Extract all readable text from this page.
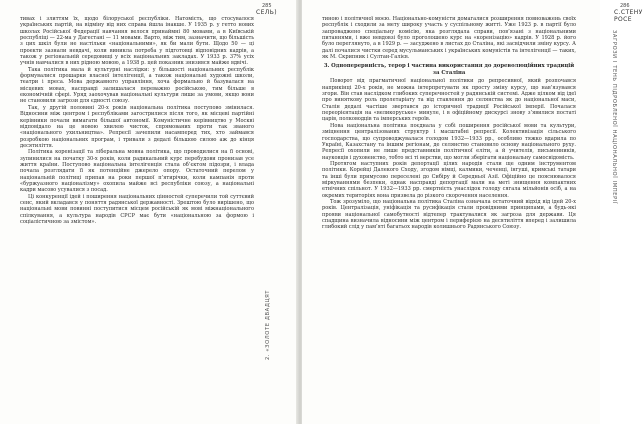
285
СЕЛЬ)
2. «ЗОЛОТЕ ДВАДЦЯТ

тивах і злиттям їх, щодо білоруської республіки. Натомість, що стосувалося українських партій, на відміну від них справа йшла інакше. У 1935 р. у гетто нових школах Російської Федерації навчання велося принаймні 80 мовами, а в Київській республіці — 22-ма у Дагестані — 11 мовами. Варто, між тим, зазначити, що більшість з цих шкіл були не настільки «національними», як би мали бути. Щодо 50 — ці проекти зазнали невдачі, коли виникла потреба у підготовці відповідних кадрів, а також у регіональній середовищі у всіх національних закладах. У 1933 р. 37% усіх учнів навчалися в них рідною мовою, а 1938 р. цей показник знизився майже вдвічі.

Така політика мала й культурні наслідки: у більшості національних республік формувалися прошарки власної інтелігенції, а також національні художні школи, театри і преса. Мова державного управління, хоча формально й базувалася на місцевих мовах, насправді залишалася переважно російською, тим більше в економічній сфері. Уряд заохочував національні культури лише за умови, якщо вони не становили загрози для єдності союзу.

Так, у другій половині 20-х років національна політика поступово змінилася. Відносини між центром і республіками загострилися після того, як місцеві партійні керівники почали вимагати більшої автономії. Комуністичне керівництво у Москві відповідало на це новою хвилею чисток, спрямованих проти так званого «національного ухильництва». Репресії зачепили насамперед тих, хто займався розробкою національних програм, і тривали з дедалі більшою силою аж до кінця десятиліття.

Політика коренізації та ліберальна мовна політика, що проводилися на її основі, зупинилися на початку 30-х років, коли радикальний курс перебудови пронизав усе життя країни. Поступово національна інтелігенція стала об’єктом підозри, і влада почала розглядати її як потенційне джерело опору. Остаточний перелом у національній політиці припав на роки першої п’ятирічки, коли кампанія проти «буржуазного націоналізму» охопила майже всі республіки союзу, а національні кадри масово усувалися з посад.

Ці конкуренції ідей і поширення національних цінностей суперечили той суттєвий сенс, який вкладався у поняття радянської державності. Зрештою було вирішено, що національні мови повинні поступитися місцем російській як мові міжнаціонального спілкування, а культура народів СРСР має бути «національною за формою і соціалістичною за змістом».

286
С.СТЕНУ РОСЕ
ЗАГРОЗИ І ТЕНЬ ПІДРОБЛЕНОЇ НАЦІОНАЛЬНОЇ ІМПЕРІЇ

тиною і політичної моєю. Національно-комуністи домагалися розширення повноважень своїх республік і сходили за мету широку участь у суспільному житті. Уже 1923 р. в партії було запроваджено спеціальну комісію, яка розглядала справи, пов’язані з національними питаннями, і вже невдовзі було проголошено курс на «коренізацію» кадрів. У 1928 р. його було переглянуто, а в 1929 р. — засуджено в листах до Сталіна, які засвідчили зміну курсу. А далі почалися чистки серед мусульманських і українських комуністів та інтелігенції — таких, як М. Скрипник і Султан-Галієв.

3. Одноперервність, терор і частина використання до дореволюційних традицій за Сталіна

Поворот від прагматичної національної політики до репресивної, який розпочався наприкінці 20-х років, не можна інтерпретувати як просту зміну курсу, що нав’язувався згори. Він став наслідком глибоких суперечностей у радянській системі. Адже цілком від ідеї про виняткову роль пролетаріату та від ставлення до селянства як до національної маси, Сталін дедалі частіше звертався до історичної традиції Російської імперії. Почалася переорієнтація на «великоруське» минуле, і в офіційному дискурсі знову з’явилися постаті царів, полководців та імперських героїв.

Нова національна політика поєднала у собі поширення російської мови та культури, зміцнення централізованих структур і масштабні репресії. Колективізація сільського господарства, що супроводжувалася голодом 1932—1933 рр., особливо тяжко вдарила по Україні, Казахстану та іншим регіонам, де селянство становило основу національного руху. Репресії охопили не лише представників політичної еліти, а й учителів, письменників, науковців і духовенство, тобто всі ті верстви, що могли зберігати національну самосвідомість.

Протягом наступних років депортації цілих народів стали ще одним інструментом політики. Корейці Далекого Сходу, згодом німці, калмики, чеченці, інгуші, кримські татари та інші були примусово переселені до Сибіру й Середньої Азії. Офіційно це пояснювалося міркуваннями безпеки, однак насправді депортації мали на меті знищення компактних етнічних спільнот. У 1932—1933 рр. смертність унаслідок голоду сягала мільйонів осіб, а на окремих територіях вона призвела до різкого скорочення населення.

Тож зрозуміло, що національна політика Сталіна означала остаточний відхід від ідей 20-х років. Централізація, уніфікація та русифікація стали провідними принципами, а будь-які прояви національної самобутності відтепер трактувалися як загроза для держави. Ця спадщина визначила відносини між центром і периферією на десятиліття вперед і залишила глибокий слід у пам’яті багатьох народів колишнього Радянського Союзу.
